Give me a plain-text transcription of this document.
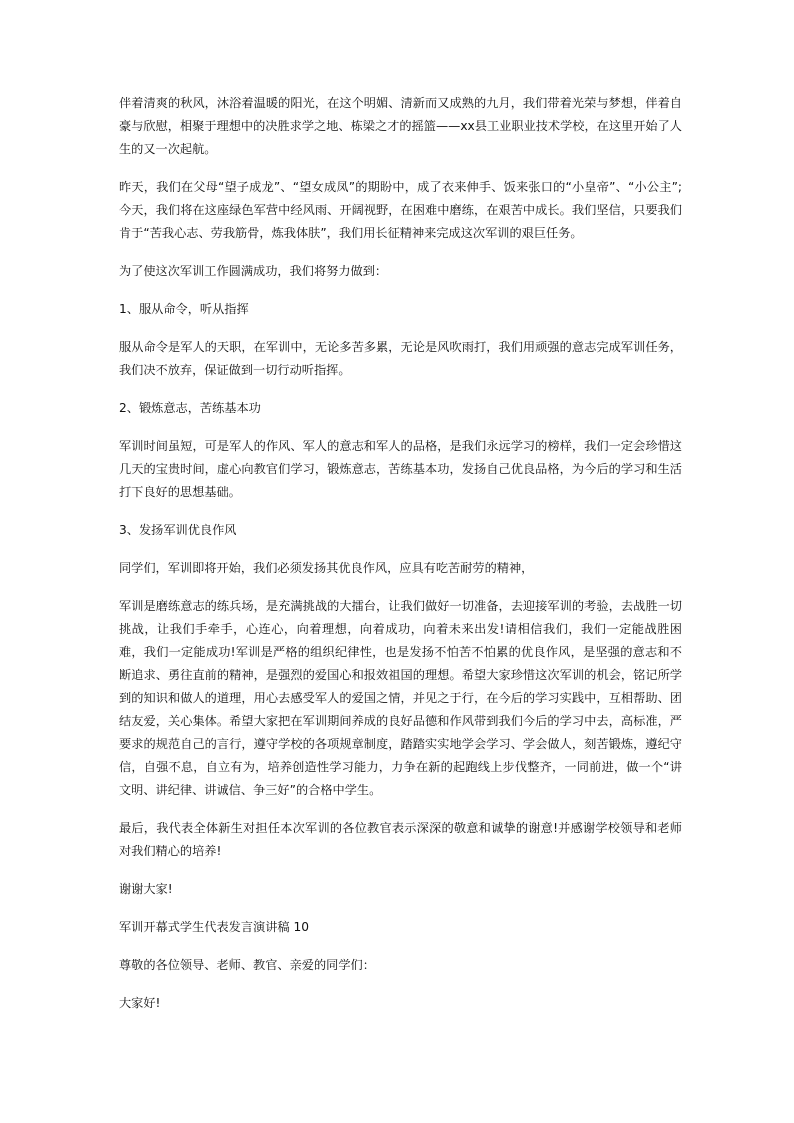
伴着清爽的秋风，沐浴着温暖的阳光，在这个明媚、清新而又成熟的九月，我们带着光荣与梦想，伴着自豪与欣慰，相聚于理想中的决胜求学之地、栋梁之才的摇篮——xx县工业职业技术学校，在这里开始了人生的又一次起航。

昨天，我们在父母“望子成龙”、“望女成凤”的期盼中，成了衣来伸手、饭来张口的“小皇帝”、“小公主”;今天，我们将在这座绿色军营中经风雨、开阔视野，在困难中磨练，在艰苦中成长。我们坚信，只要我们肯于“苦我心志、劳我筋骨，炼我体肤”，我们用长征精神来完成这次军训的艰巨任务。

为了使这次军训工作圆满成功，我们将努力做到：

1、服从命令，听从指挥

服从命令是军人的天职，在军训中，无论多苦多累，无论是风吹雨打，我们用顽强的意志完成军训任务，我们决不放弃，保证做到一切行动听指挥。

2、锻炼意志，苦练基本功

军训时间虽短，可是军人的作风、军人的意志和军人的品格，是我们永远学习的榜样，我们一定会珍惜这几天的宝贵时间，虚心向教官们学习，锻炼意志，苦练基本功，发扬自己优良品格，为今后的学习和生活打下良好的思想基础。

3、发扬军训优良作风

同学们，军训即将开始，我们必须发扬其优良作风，应具有吃苦耐劳的精神，

军训是磨练意志的练兵场，是充满挑战的大擂台，让我们做好一切准备，去迎接军训的考验，去战胜一切挑战，让我们手牵手，心连心，向着理想，向着成功，向着未来出发!请相信我们，我们一定能战胜困难，我们一定能成功!军训是严格的组织纪律性，也是发扬不怕苦不怕累的优良作风，是坚强的意志和不断追求、勇往直前的精神，是强烈的爱国心和报效祖国的理想。希望大家珍惜这次军训的机会，铭记所学到的知识和做人的道理，用心去感受军人的爱国之情，并见之于行，在今后的学习实践中，互相帮助、团结友爱，关心集体。希望大家把在军训期间养成的良好品德和作风带到我们今后的学习中去，高标准，严要求的规范自己的言行，遵守学校的各项规章制度，踏踏实实地学会学习、学会做人，刻苦锻炼，遵纪守信，自强不息，自立有为，培养创造性学习能力，力争在新的起跑线上步伐整齐，一同前进，做一个“讲文明、讲纪律、讲诚信、争三好”的合格中学生。

最后，我代表全体新生对担任本次军训的各位教官表示深深的敬意和诚挚的谢意!并感谢学校领导和老师对我们精心的培养!

谢谢大家!

军训开幕式学生代表发言演讲稿 10

尊敬的各位领导、老师、教官、亲爱的同学们：

大家好!
